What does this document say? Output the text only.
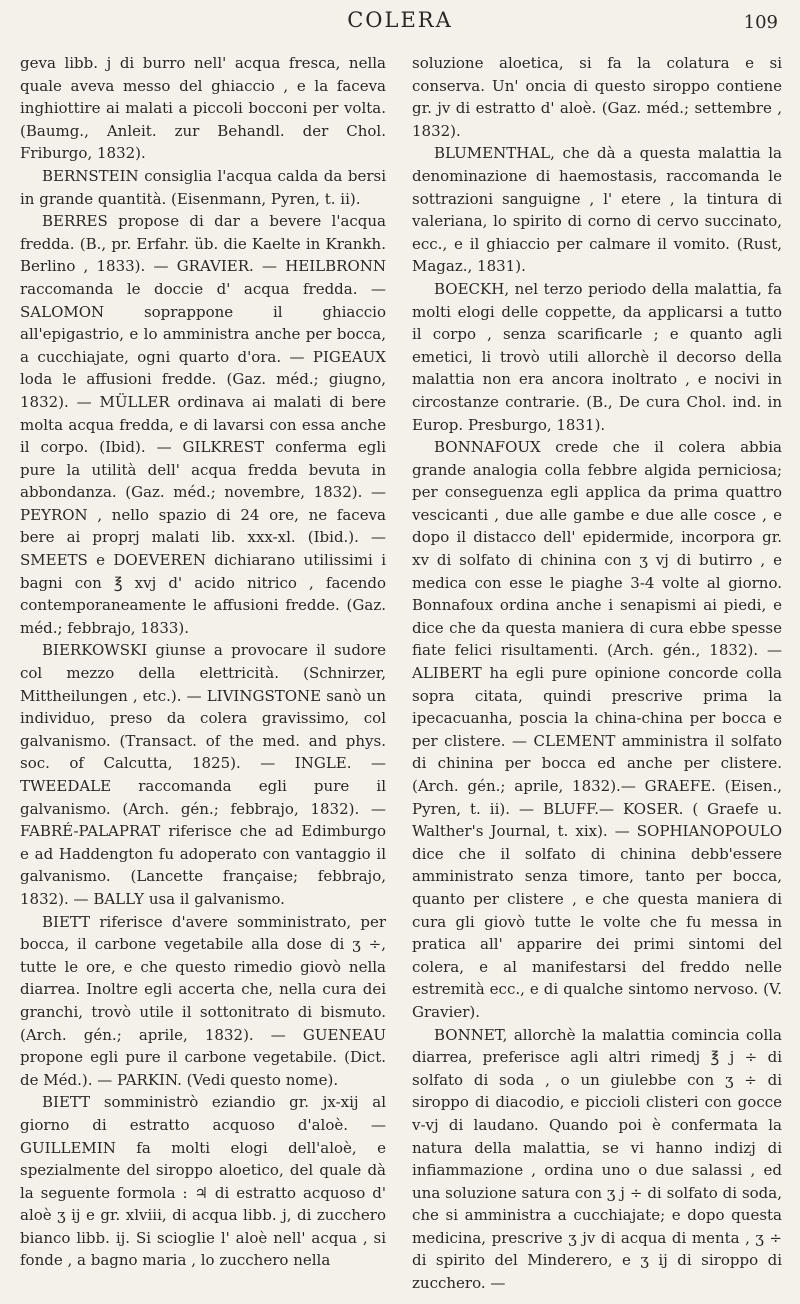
COLERA	109

geva libb. j di burro nell' acqua fresca, nella quale aveva messo del ghiaccio , e la faceva inghiottire ai malati a piccoli bocconi per volta. (Baumg., Anleit. zur Behandl. der Chol. Friburgo, 1832).

BERNSTEIN consiglia l'acqua calda da bersi in grande quantità. (Eisenmann, Pyren, t. ii).

BERRES propose di dar a bevere l'acqua fredda. (B., pr. Erfahr. üb. die Kaelte in Krankh. Berlino , 1833). — GRAVIER. — HEILBRONN raccomanda le doccie d' acqua fredda. — SALOMON soprappone il ghiaccio all'epigastrio, e lo amministra anche per bocca, a cucchiajate, ogni quarto d'ora. — PIGEAUX loda le affusioni fredde. (Gaz. méd.; giugno, 1832). — MÜLLER ordinava ai malati di bere molta acqua fredda, e di lavarsi con essa anche il corpo. (Ibid). — GILKREST conferma egli pure la utilità dell' acqua fredda bevuta in abbondanza. (Gaz. méd.; novembre, 1832). — PEYRON , nello spazio di 24 ore, ne faceva bere ai proprj malati lib. xxx-xl. (Ibid.). — SMEETS e DOEVEREN dichiarano utilissimi i bagni con ℥ xvj d' acido nitrico , facendo contemporaneamente le affusioni fredde. (Gaz. méd.; febbrajo, 1833).

BIERKOWSKI giunse a provocare il sudore col mezzo della elettricità. (Schnirzer, Mittheilungen , etc.). — LIVINGSTONE sanò un individuo, preso da colera gravissimo, col galvanismo. (Transact. of the med. and phys. soc. of Calcutta, 1825). — INGLE. — TWEEDALE raccomanda egli pure il galvanismo. (Arch. gén.; febbrajo, 1832). — FABRÉ-PALAPRAT riferisce che ad Edimburgo e ad Haddengton fu adoperato con vantaggio il galvanismo. (Lancette française; febbrajo, 1832). — BALLY usa il galvanismo.

BIETT riferisce d'avere somministrato, per bocca, il carbone vegetabile alla dose di ʒ ÷, tutte le ore, e che questo rimedio giovò nella diarrea. Inoltre egli accerta che, nella cura dei granchi, trovò utile il sottonitrato di bismuto. (Arch. gén.; aprile, 1832). — GUENEAU propone egli pure il carbone vegetabile. (Dict. de Méd.). — PARKIN. (Vedi questo nome).

BIETT somministrò eziandio gr. jx-xij al giorno di estratto acquoso d'aloè. — GUILLEMIN fa molti elogi dell'aloè, e spezialmente del siroppo aloetico, del quale dà la seguente formola : ♃ di estratto acquoso d' aloè ʒ ij e gr. xlviii, di acqua libb. j, di zucchero bianco libb. ij. Si scioglie l' aloè nell' acqua , si fonde , a bagno maria , lo zucchero nella

soluzione aloetica, si fa la colatura e si conserva. Un' oncia di questo siroppo contiene gr. jv di estratto d' aloè. (Gaz. méd.; settembre , 1832).

BLUMENTHAL, che dà a questa malattia la denominazione di haemostasis, raccomanda le sottrazioni sanguigne , l' etere , la tintura di valeriana, lo spirito di corno di cervo succinato, ecc., e il ghiaccio per calmare il vomito. (Rust, Magaz., 1831).

BOECKH, nel terzo periodo della malattia, fa molti elogi delle coppette, da applicarsi a tutto il corpo , senza scarificarle ; e quanto agli emetici, li trovò utili allorchè il decorso della malattia non era ancora inoltrato , e nocivi in circostanze contrarie. (B., De cura Chol. ind. in Europ. Presburgo, 1831).

BONNAFOUX crede che il colera abbia grande analogia colla febbre algida perniciosa; per conseguenza egli applica da prima quattro vescicanti , due alle gambe e due alle cosce , e dopo il distacco dell' epidermide, incorpora gr. xv di solfato di chinina con ʒ vj di butirro , e medica con esse le piaghe 3-4 volte al giorno. Bonnafoux ordina anche i senapismi ai piedi, e dice che da questa maniera di cura ebbe spesse fiate felici risultamenti. (Arch. gén., 1832). — ALIBERT ha egli pure opinione concorde colla sopra citata, quindi prescrive prima la ipecacuanha, poscia la china-china per bocca e per clistere. — CLEMENT amministra il solfato di chinina per bocca ed anche per clistere. (Arch. gén.; aprile, 1832).— GRAEFE. (Eisen., Pyren, t. ii). — BLUFF.— KOSER. ( Graefe u. Walther's Journal, t. xix). — SOPHIANOPOULO dice che il solfato di chinina debb'essere amministrato senza timore, tanto per bocca, quanto per clistere , e che questa maniera di cura gli giovò tutte le volte che fu messa in pratica all' apparire dei primi sintomi del colera, e al manifestarsi del freddo nelle estremità ecc., e di qualche sintomo nervoso. (V. Gravier).

BONNET, allorchè la malattia comincia colla diarrea, preferisce agli altri rimedj ℥ j ÷ di solfato di soda , o un giulebbe con ʒ ÷ di siroppo di diacodio, e piccioli clisteri con gocce v-vj di laudano. Quando poi è confermata la natura della malattia, se vi hanno indizj di infiammazione , ordina uno o due salassi , ed una soluzione satura con ʒ j ÷ di solfato di soda, che si amministra a cucchiajate; e dopo questa medicina, prescrive ʒ jv di acqua di menta , ʒ ÷ di spirito del Minderero, e ʒ ij di siroppo di zucchero. —
